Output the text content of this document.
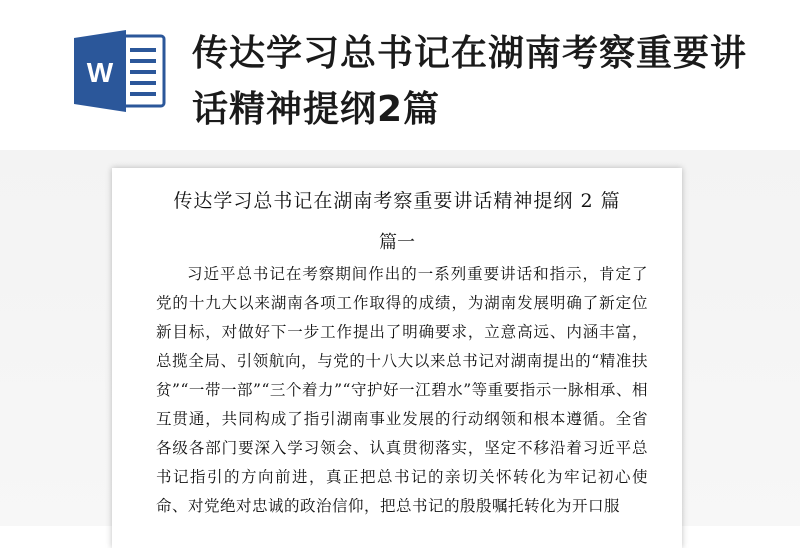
W 传达学习总书记在湖南考察重要讲话精神提纲2篇
传达学习总书记在湖南考察重要讲话精神提纲 2 篇
篇一
习近平总书记在考察期间作出的一系列重要讲话和指示，肯定了党的十九大以来湖南各项工作取得的成绩，为湖南发展明确了新定位新目标，对做好下一步工作提出了明确要求，立意高远、内涵丰富，总揽全局、引领航向，与党的十八大以来总书记对湖南提出的“精准扶贫”“一带一部”“三个着力”“守护好一江碧水”等重要指示一脉相承、相互贯通，共同构成了指引湖南事业发展的行动纲领和根本遵循。全省各级各部门要深入学习领会、认真贯彻落实，坚定不移沿着习近平总书记指引的方向前进，真正把总书记的亲切关怀转化为牢记初心使命、对党绝对忠诚的政治信仰，把总书记的殷殷嘱托转化为开口服
